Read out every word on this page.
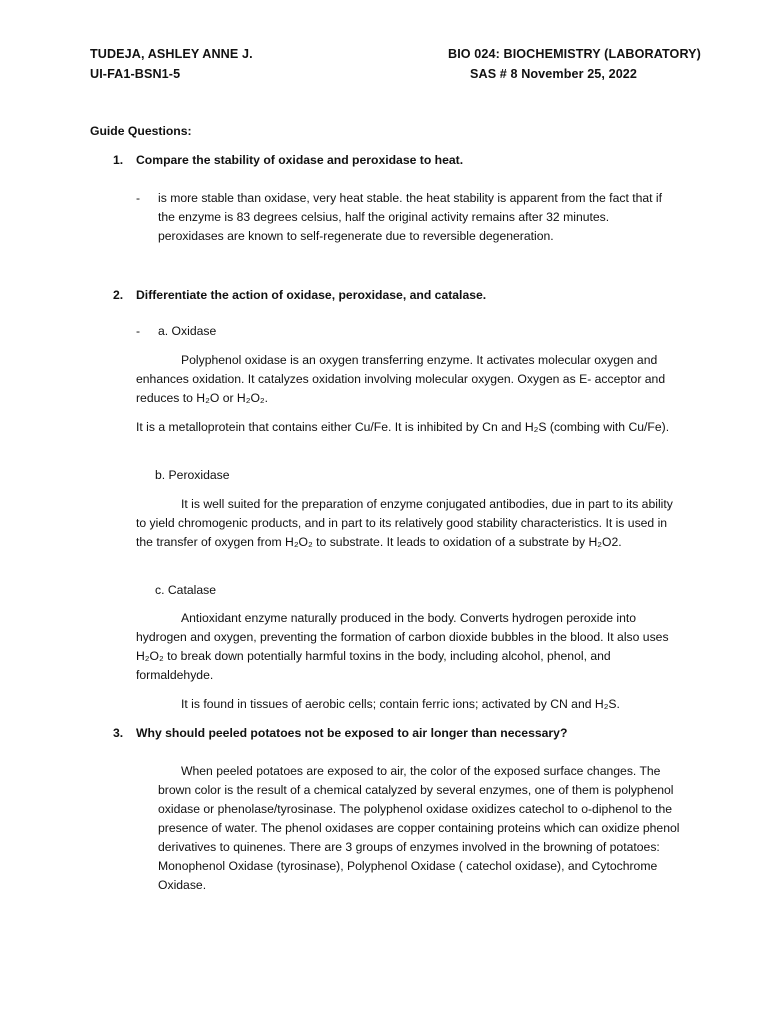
TUDEJA, ASHLEY ANNE J.
UI-FA1-BSN1-5
BIO 024: BIOCHEMISTRY (LABORATORY)
SAS # 8 November 25, 2022
Guide Questions:
1. Compare the stability of oxidase and peroxidase to heat.
- is more stable than oxidase, very heat stable. the heat stability is apparent from the fact that if the enzyme is 83 degrees celsius, half the original activity remains after 32 minutes. peroxidases are known to self-regenerate due to reversible degeneration.

2. Differentiate the action of oxidase, peroxidase, and catalase.
- a. Oxidase

Polyphenol oxidase is an oxygen transferring enzyme. It activates molecular oxygen and enhances oxidation. It catalyzes oxidation involving molecular oxygen. Oxygen as E- acceptor and reduces to H₂O or H₂O₂.

It is a metalloprotein that contains either Cu/Fe. It is inhibited by Cn and H₂S (combing with Cu/Fe).

b. Peroxidase

It is well suited for the preparation of enzyme conjugated antibodies, due in part to its ability to yield chromogenic products, and in part to its relatively good stability characteristics. It is used in the transfer of oxygen from H₂O₂ to substrate. It leads to oxidation of a substrate by H₂O2.

c. Catalase

Antioxidant enzyme naturally produced in the body. Converts hydrogen peroxide into hydrogen and oxygen, preventing the formation of carbon dioxide bubbles in the blood. It also uses H₂O₂ to break down potentially harmful toxins in the body, including alcohol, phenol, and formaldehyde.

It is found in tissues of aerobic cells; contain ferric ions; activated by CN and H₂S.

3. Why should peeled potatoes not be exposed to air longer than necessary?

When peeled potatoes are exposed to air, the color of the exposed surface changes. The brown color is the result of a chemical catalyzed by several enzymes, one of them is polyphenol oxidase or phenolase/tyrosinase. The polyphenol oxidase oxidizes catechol to o-diphenol to the presence of water. The phenol oxidases are copper containing proteins which can oxidize phenol derivatives to quinenes. There are 3 groups of enzymes involved in the browning of potatoes: Monophenol Oxidase (tyrosinase), Polyphenol Oxidase ( catechol oxidase), and Cytochrome Oxidase.
